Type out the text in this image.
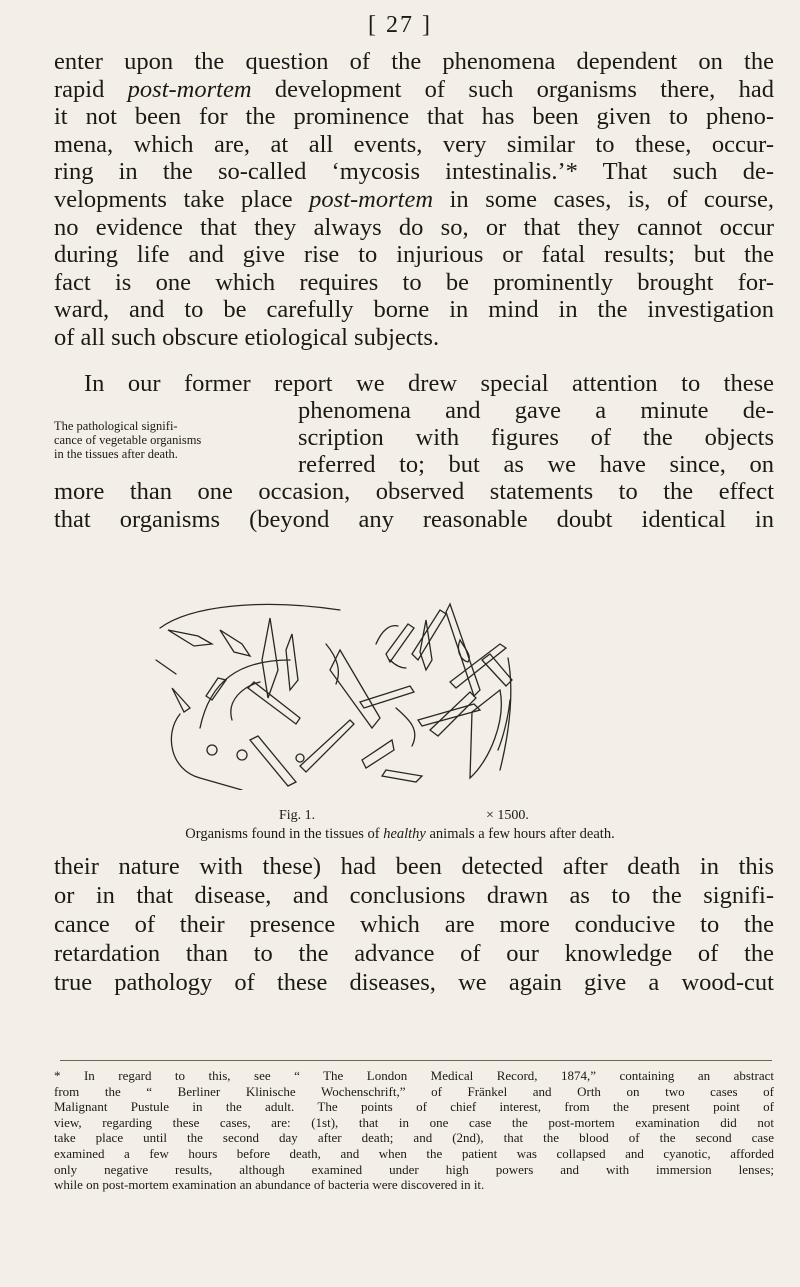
[ 27 ]
enter upon the question of the phenomena dependent on the
rapid post-mortem development of such organisms there, had
it not been for the prominence that has been given to pheno-
mena, which are, at all events, very similar to these, occur-
ring in the so-called ‘mycosis intestinalis.’* That such de-
velopments take place post-mortem in some cases, is, of course,
no evidence that they always do so, or that they cannot occur
during life and give rise to injurious or fatal results; but the
fact is one which requires to be prominently brought for-
ward, and to be carefully borne in mind in the investigation
of all such obscure etiological subjects.
In our former report we drew special attention to these
phenomena and gave a minute de-
scription with figures of the objects
referred to; but as we have since, on
The pathological signifi-
cance of vegetable organisms
in the tissues after death.
more than one occasion, observed statements to the effect
that organisms (beyond any reasonable doubt identical in
Fig. 1.	× 1500.
Organisms found in the tissues of healthy animals a few hours after death.
their nature with these) had been detected after death in this
or in that disease, and conclusions drawn as to the signifi-
cance of their presence which are more conducive to the
retardation than to the advance of our knowledge of the
true pathology of these diseases, we again give a wood-cut
* In regard to this, see “ The London Medical Record, 1874,” containing an abstract
from the “ Berliner Klinische Wochenschrift,” of Fränkel and Orth on two cases of
Malignant Pustule in the adult. The points of chief interest, from the present point of
view, regarding these cases, are: (1st), that in one case the post-mortem examination did not
take place until the second day after death; and (2nd), that the blood of the second case
examined a few hours before death, and when the patient was collapsed and cyanotic, afforded
only negative results, although examined under high powers and with immersion lenses;
while on post-mortem examination an abundance of bacteria were discovered in it.
